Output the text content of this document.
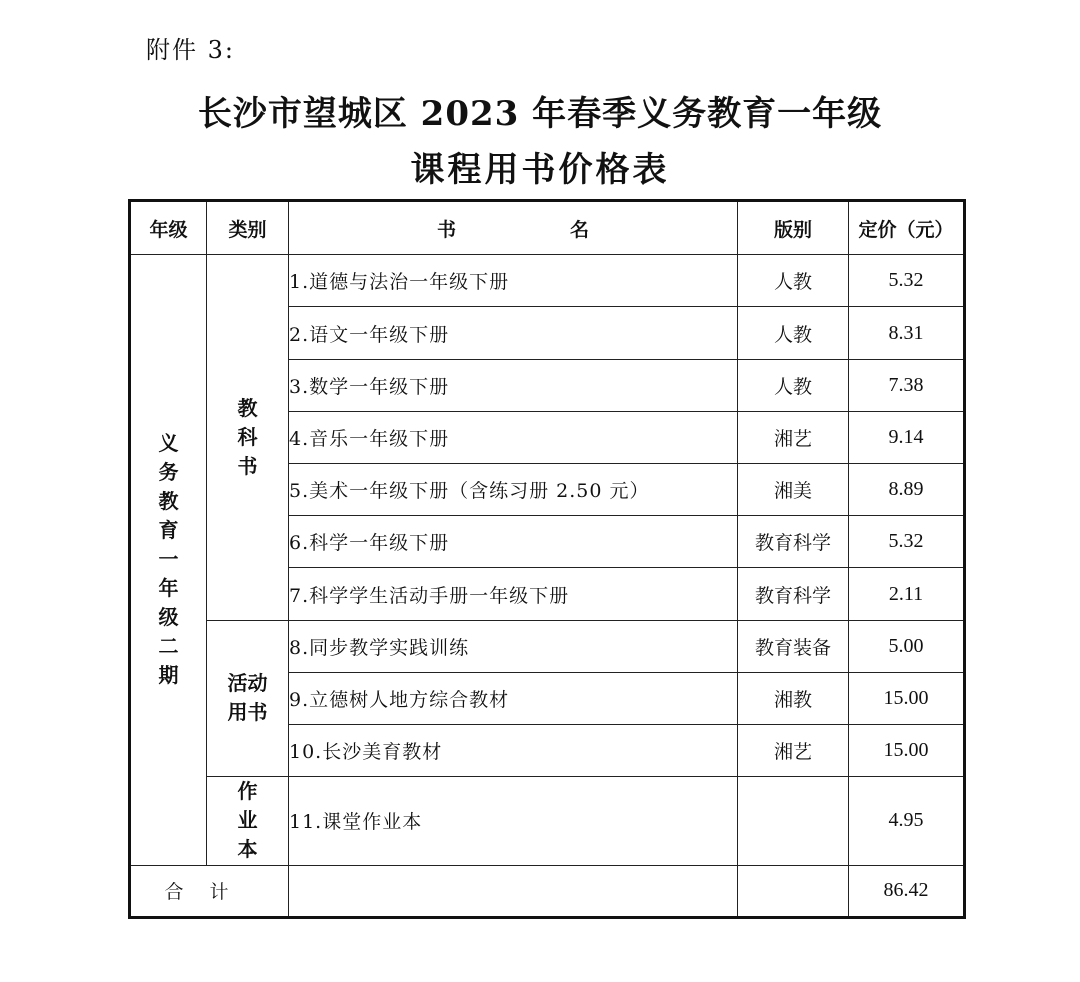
附件 3:
长沙市望城区 2023 年春季义务教育一年级
课程用书价格表
年级	类别	书　　　　　　名	版别	定价（元）

义务教育一年级二期	教科书	1.道德与法治一年级下册	人教	5.32
		2.语文一年级下册	人教	8.31
		3.数学一年级下册	人教	7.38
		4.音乐一年级下册	湘艺	9.14
		5.美术一年级下册（含练习册 2.50 元）	湘美	8.89
		6.科学一年级下册	教育科学	5.32
		7.科学学生活动手册一年级下册	教育科学	2.11

	活动用书	8.同步教学实践训练	教育装备	5.00
		9.立德树人地方综合教材	湘教	15.00
		10.长沙美育教材	湘艺	15.00

	作业本	11.课堂作业本		4.95
合计				86.42
